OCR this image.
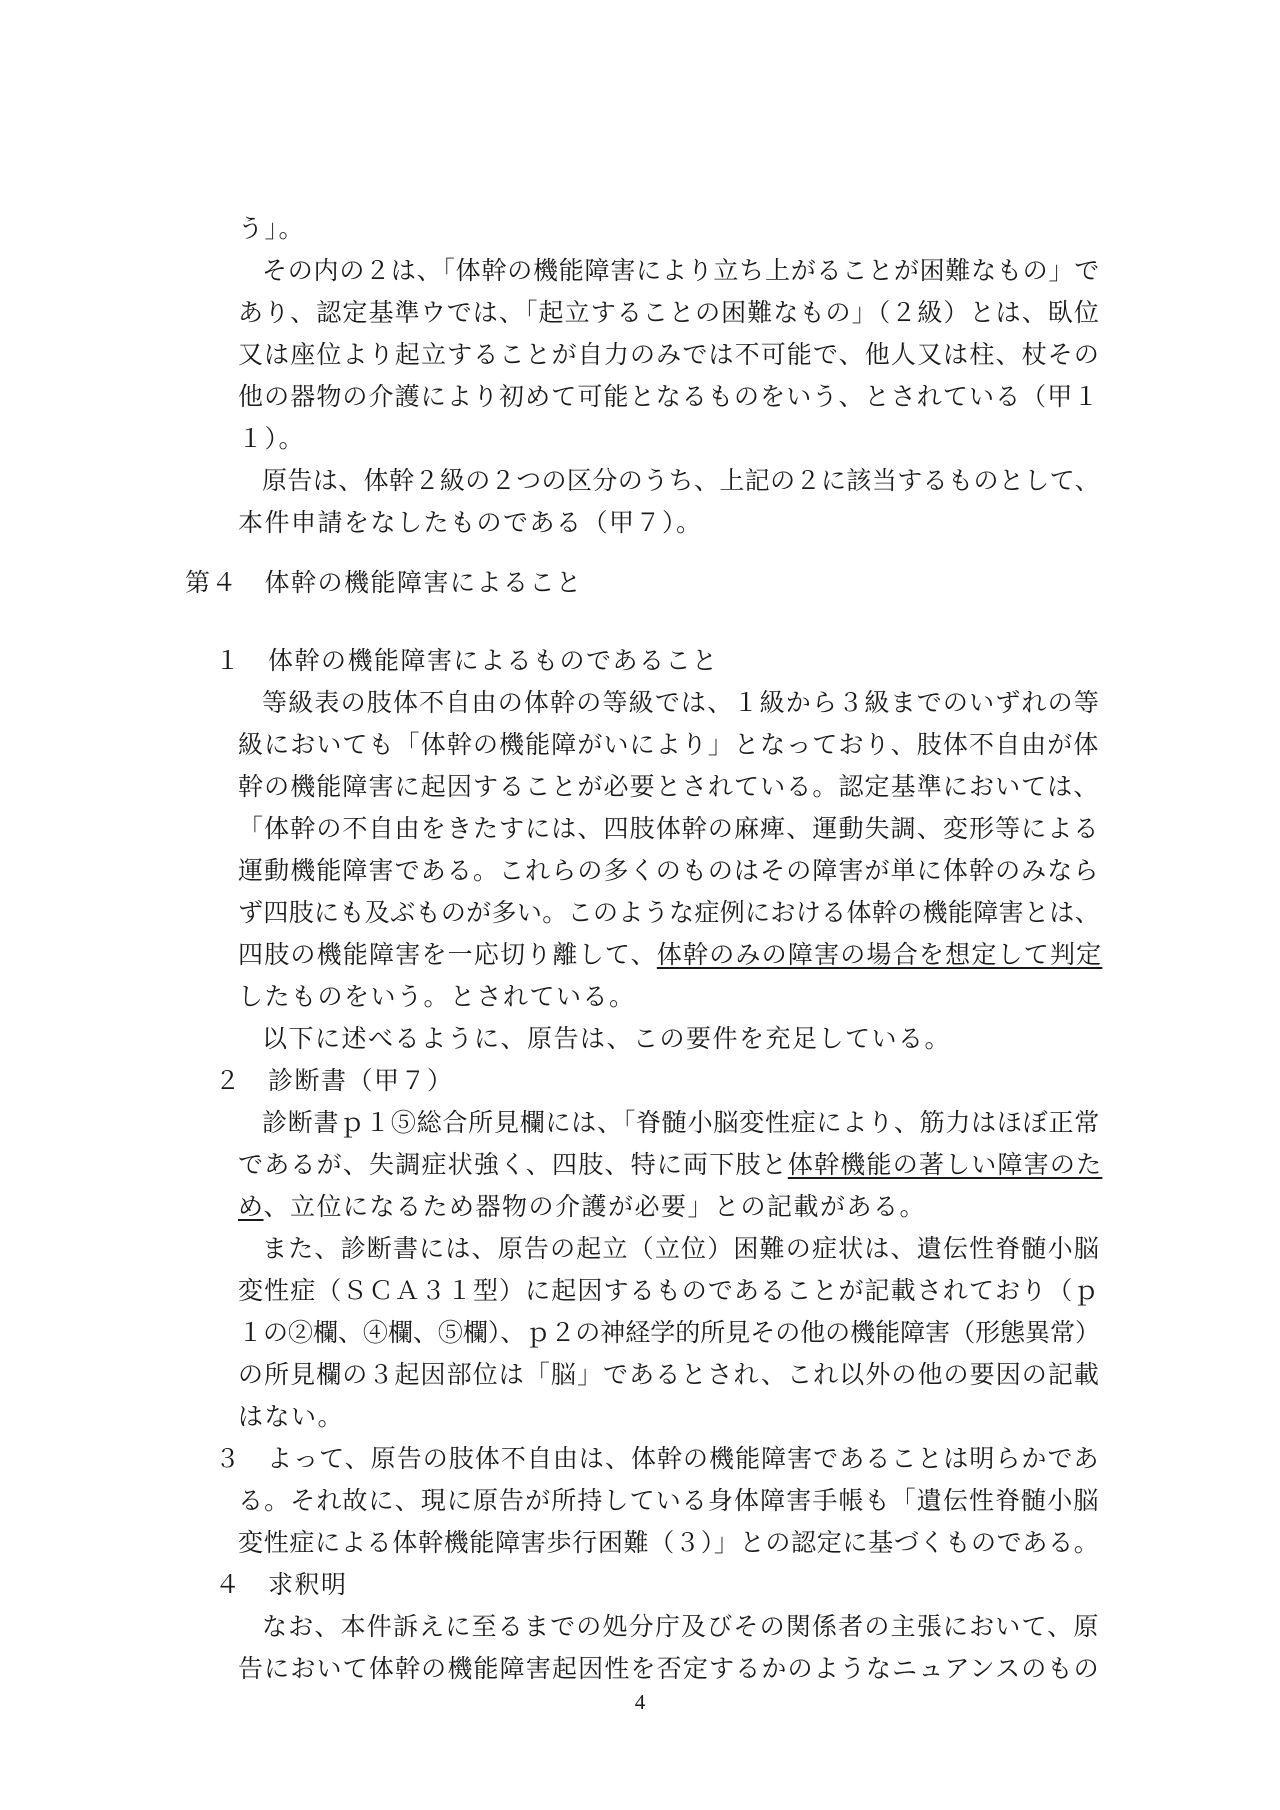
う」。
その内の２は、「体幹の機能障害により立ち上がることが困難なもの」で
あり、認定基準ウでは、「起立することの困難なもの」（２級）とは、臥位
又は座位より起立することが自力のみでは不可能で、他人又は柱、杖その
他の器物の介護により初めて可能となるものをいう、とされている（甲１
１）。
原告は、体幹２級の２つの区分のうち、上記の２に該当するものとして、
本件申請をなしたものである（甲７）。
第４　体幹の機能障害によること
１　体幹の機能障害によるものであること
等級表の肢体不自由の体幹の等級では、１級から３級までのいずれの等
級においても「体幹の機能障がいにより」となっており、肢体不自由が体
幹の機能障害に起因することが必要とされている。認定基準においては、
「体幹の不自由をきたすには、四肢体幹の麻痺、運動失調、変形等による
運動機能障害である。これらの多くのものはその障害が単に体幹のみなら
ず四肢にも及ぶものが多い。このような症例における体幹の機能障害とは、
四肢の機能障害を一応切り離して、体幹のみの障害の場合を想定して判定
したものをいう。とされている。
以下に述べるように、原告は、この要件を充足している。
２　診断書（甲７）
診断書ｐ１⑤総合所見欄には、「脊髄小脳変性症により、筋力はほぼ正常
であるが、失調症状強く、四肢、特に両下肢と体幹機能の著しい障害のた
め、立位になるため器物の介護が必要」との記載がある。
また、診断書には、原告の起立（立位）困難の症状は、遺伝性脊髄小脳
変性症（ＳＣＡ３１型）に起因するものであることが記載されており（ｐ
１の②欄、④欄、⑤欄）、ｐ２の神経学的所見その他の機能障害（形態異常）
の所見欄の３起因部位は「脳」であるとされ、これ以外の他の要因の記載
はない。
３　よって、原告の肢体不自由は、体幹の機能障害であることは明らかであ
る。それ故に、現に原告が所持している身体障害手帳も「遺伝性脊髄小脳
変性症による体幹機能障害歩行困難（３）」との認定に基づくものである。
４　求釈明
なお、本件訴えに至るまでの処分庁及びその関係者の主張において、原
告において体幹の機能障害起因性を否定するかのようなニュアンスのもの
4
